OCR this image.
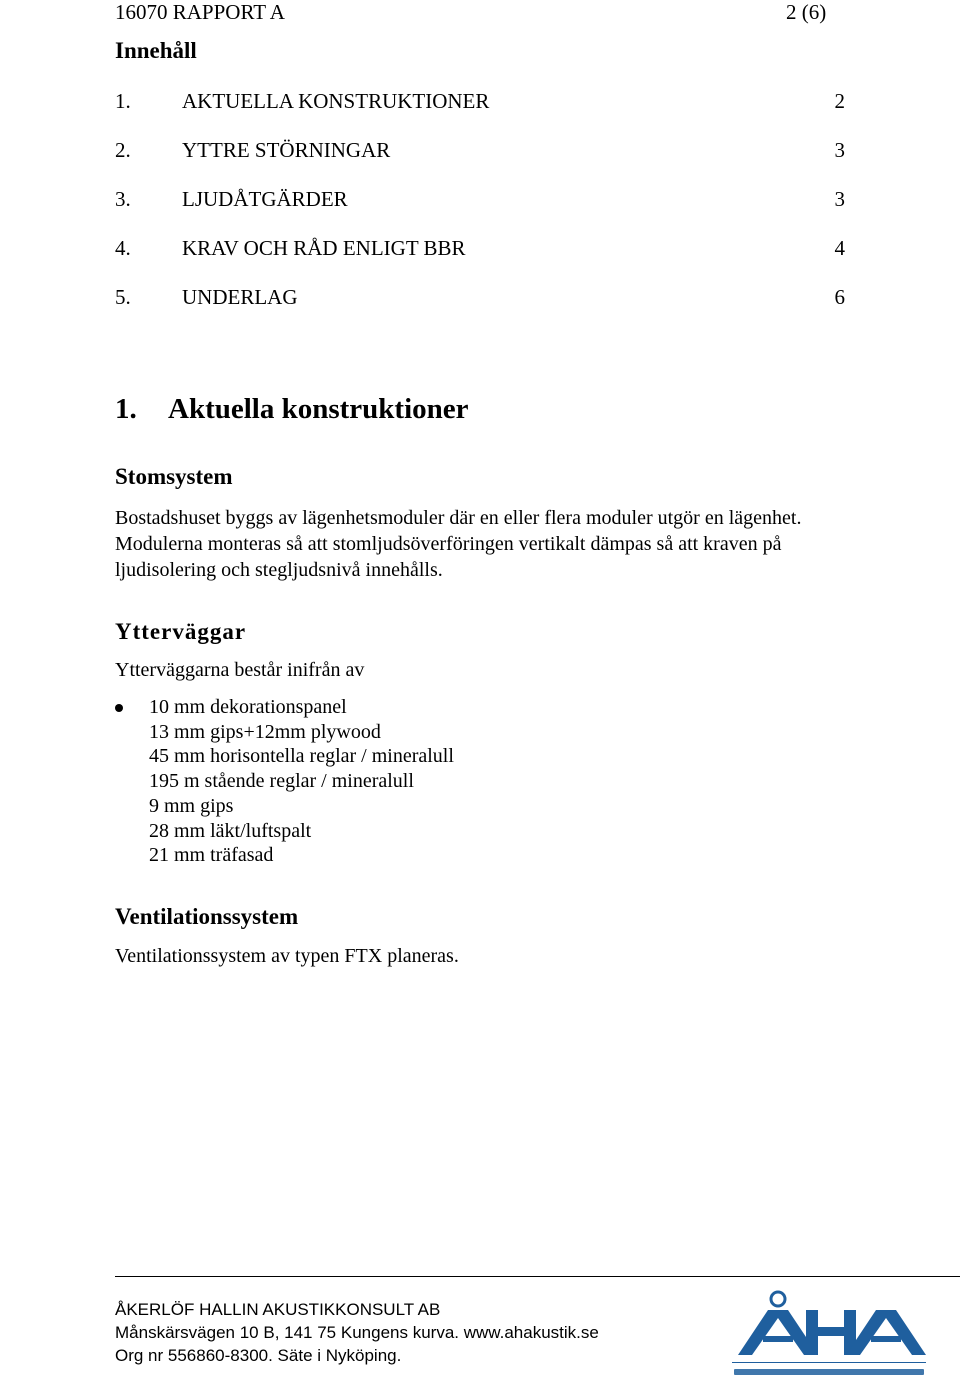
16070 RAPPORT A	2 (6)
Innehåll
1. AKTUELLA KONSTRUKTIONER	2
2. YTTRE STÖRNINGAR	3
3. LJUDÅTGÄRDER	3
4. KRAV OCH RÅD ENLIGT BBR	4
5. UNDERLAG	6
1. Aktuella konstruktioner
Stomsystem
Bostadshuset byggs av lägenhetsmoduler där en eller flera moduler utgör en lägenhet. Modulerna monteras så att stomljudsöverföringen vertikalt dämpas så att kraven på ljudisolering och stegljudsnivå innehålls.
Ytterväggar
Ytterväggarna består inifrån av
10 mm dekorationspanel
13 mm gips+12mm plywood
45 mm horisontella reglar / mineralull
195 m stående reglar / mineralull
9 mm gips
28 mm läkt/luftspalt
21 mm träfasad
Ventilationssystem
Ventilationssystem av typen FTX planeras.
ÅKERLÖF HALLIN AKUSTIKKONSULT AB
Månskärsvägen 10 B, 141 75 Kungens kurva. www.ahakustik.se
Org nr 556860-8300. Säte i Nyköping.
